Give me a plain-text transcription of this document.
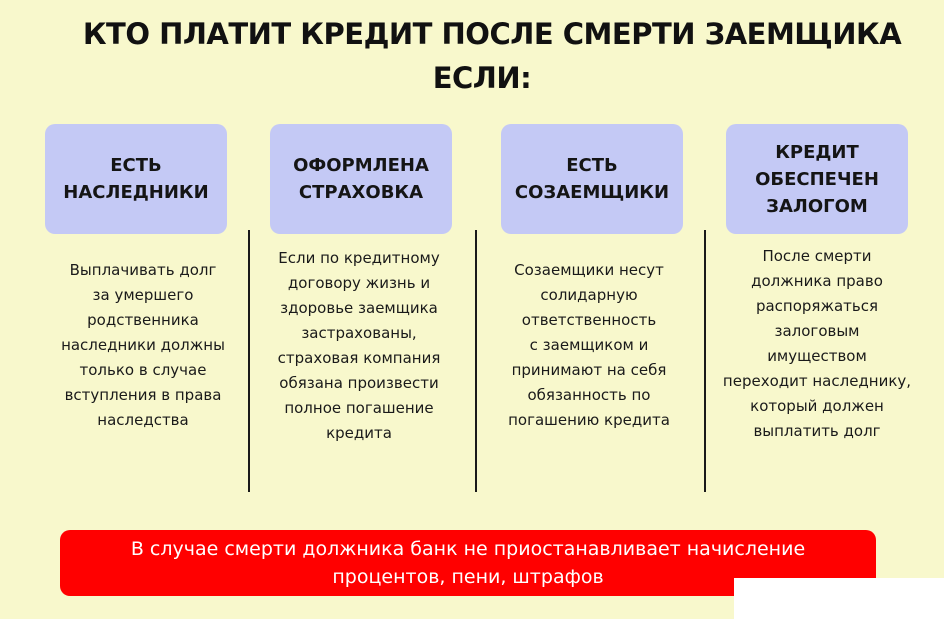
КТО ПЛАТИТ КРЕДИТ ПОСЛЕ СМЕРТИ ЗАЕМЩИКА
ЕСЛИ:
ЕСТЬ
НАСЛЕДНИКИ
ОФОРМЛЕНА
СТРАХОВКА
ЕСТЬ
СОЗАЕМЩИКИ
КРЕДИТ
ОБЕСПЕЧЕН
ЗАЛОГОМ
Выплачивать долг
за умершего
родственника
наследники должны
только в случае
вступления в права
наследства
Если по кредитному
договору жизнь и
здоровье заемщика
застрахованы,
страховая компания
обязана произвести
полное погашение
кредита
Созаемщики несут
солидарную
ответственность
с заемщиком и
принимают на себя
обязанность по
погашению кредита
После смерти
должника право
распоряжаться
залоговым
имуществом
переходит наследнику,
который должен
выплатить долг
В случае смерти должника банк не приостанавливает начисление
процентов, пени, штрафов
